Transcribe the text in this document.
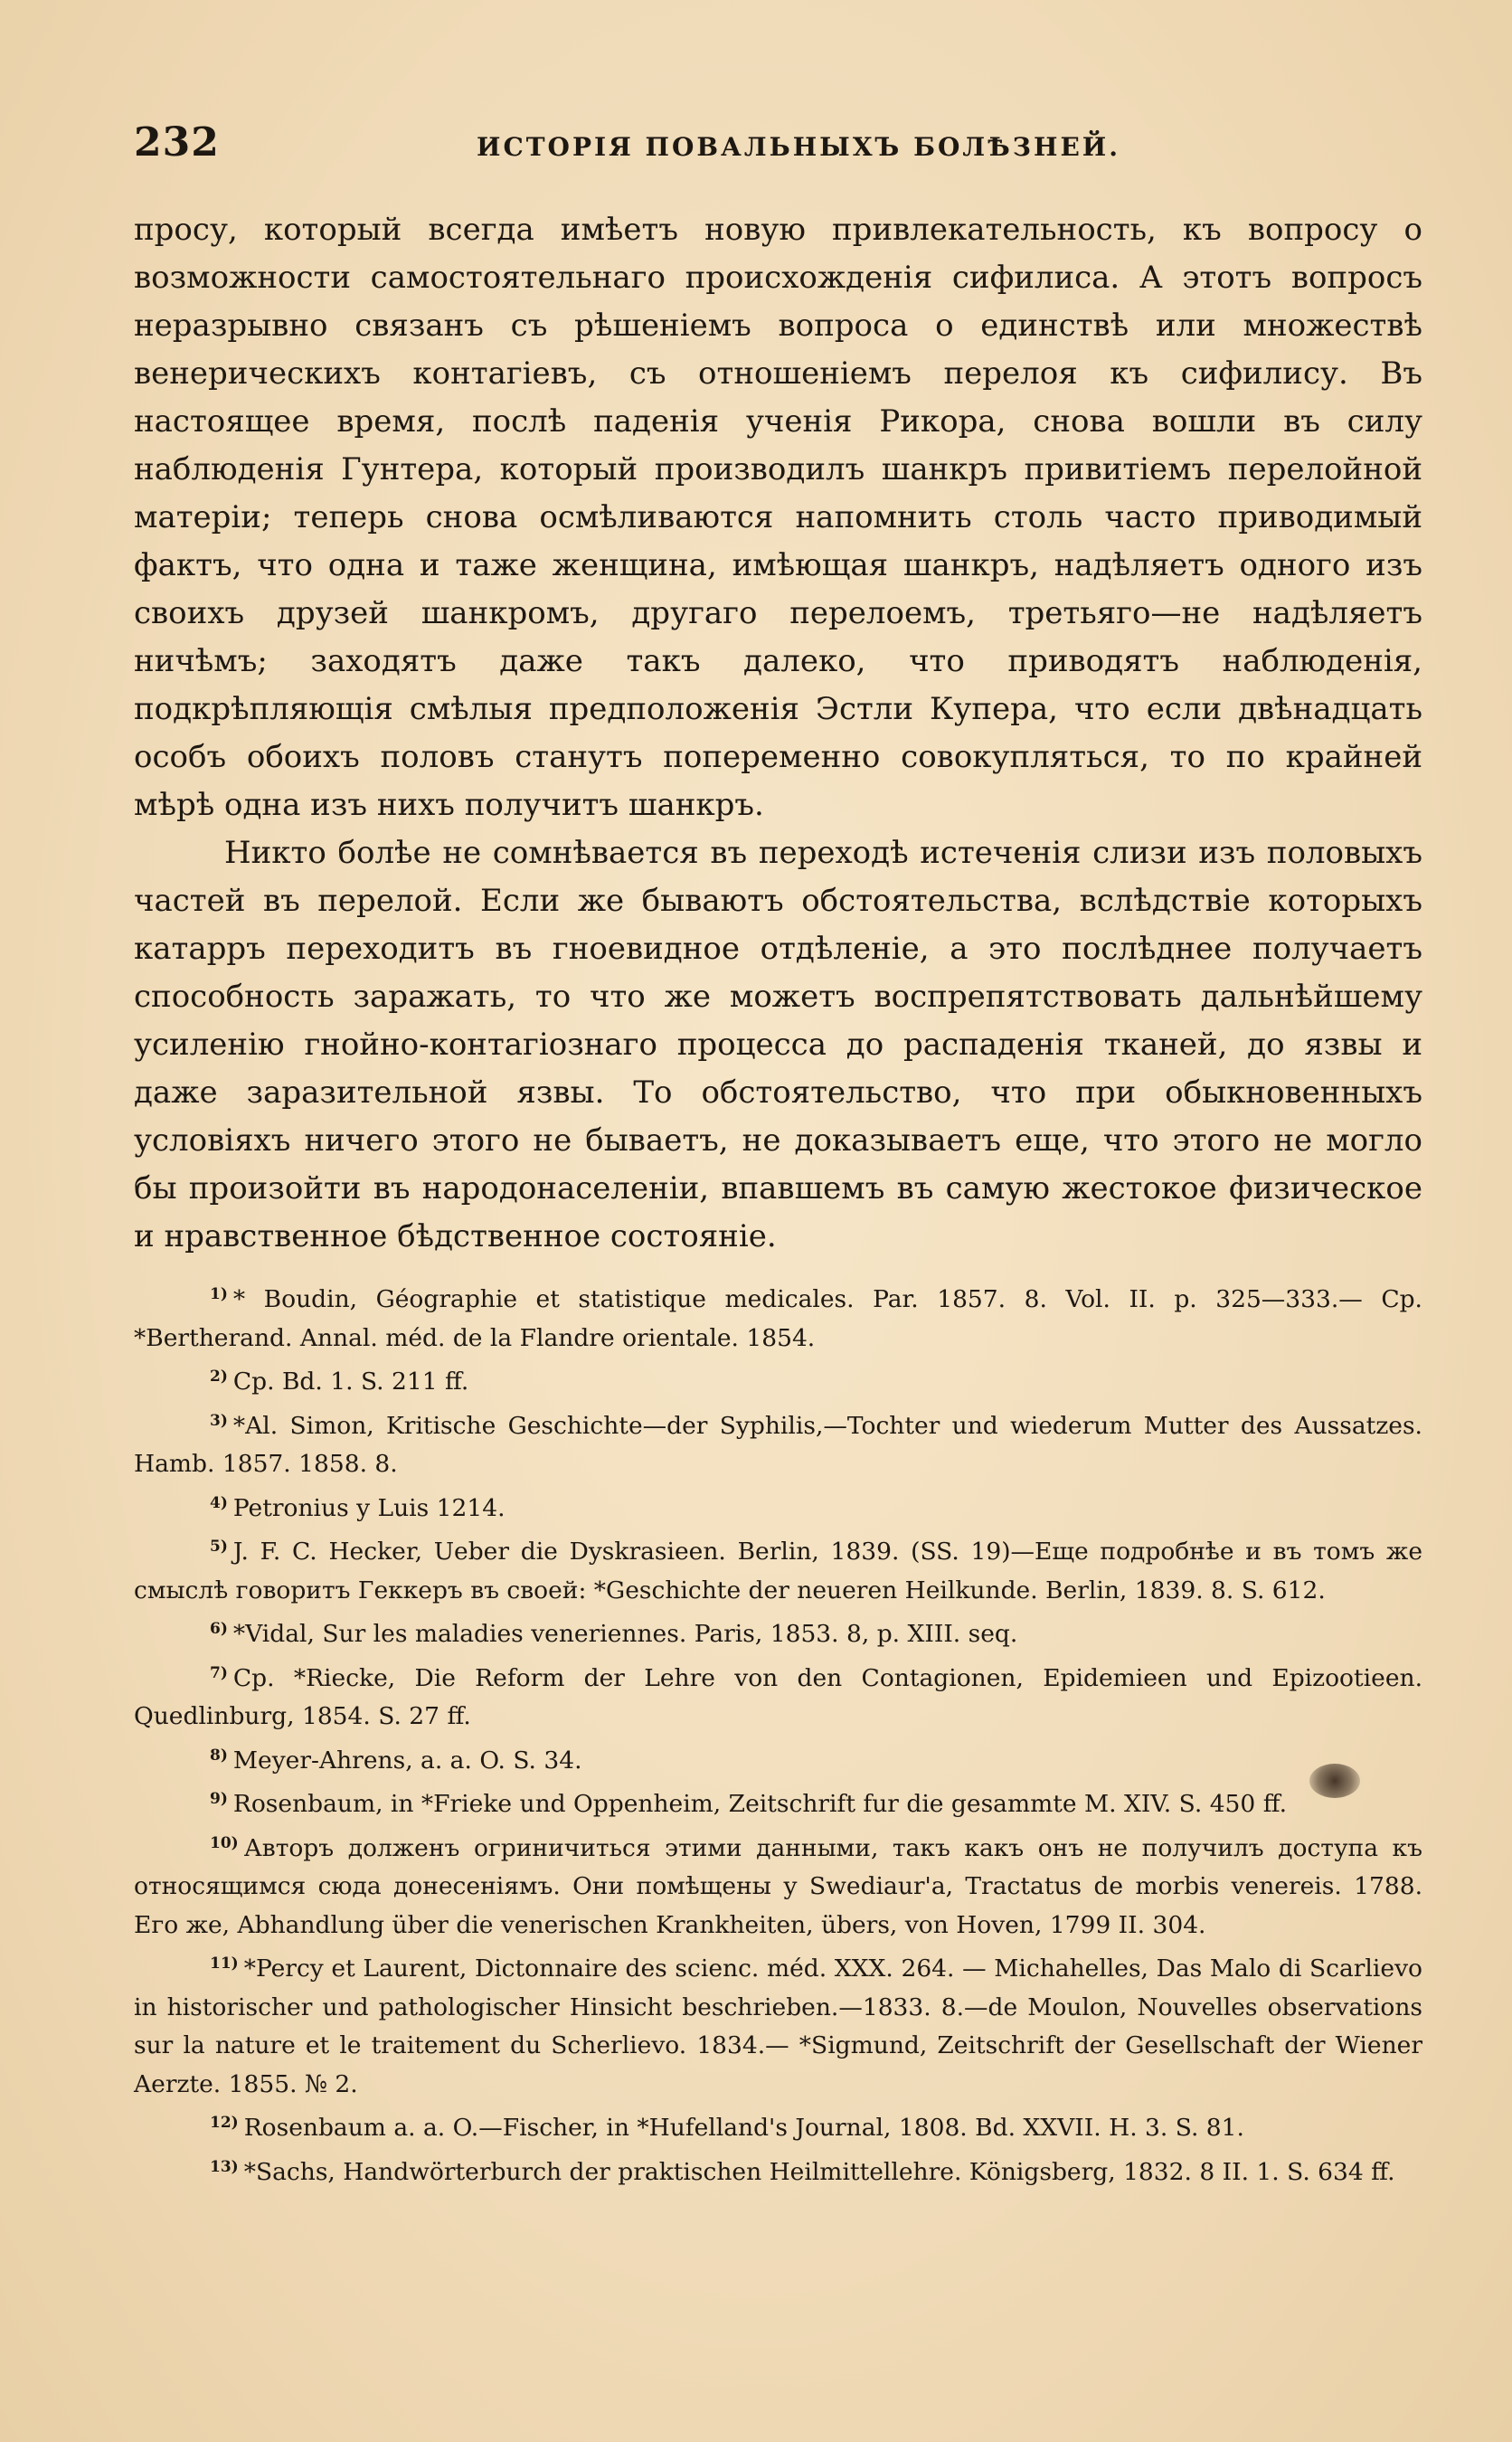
232	ИСТОРІЯ ПОВАЛЬНЫХЪ БОЛѢЗНЕЙ.

просу, который всегда имѣетъ новую привлекательность, къ вопросу о возможности самостоятельнаго происхожденія сифилиса. А этотъ вопросъ неразрывно связанъ съ рѣшеніемъ вопроса о единствѣ или множествѣ венерическихъ контагіевъ, съ отношеніемъ перелоя къ сифилису. Въ настоящее время, послѣ паденія ученія Рикора, снова вошли въ силу наблюденія Гунтера, который производилъ шанкръ привитіемъ перелойной матеріи; теперь снова осмѣливаются напомнить столь часто приводимый фактъ, что одна и таже женщина, имѣющая шанкръ, надѣляетъ одного изъ своихъ друзей шанкромъ, другаго перелоемъ, третьяго—не надѣляетъ ничѣмъ; заходятъ даже такъ далеко, что приводятъ наблюденія, подкрѣпляющія смѣлыя предположенія Эстли Купера, что если двѣнадцать особъ обоихъ половъ станутъ попеременно совокупляться, то по крайней мѣрѣ одна изъ нихъ получитъ шанкръ.

Никто болѣе не сомнѣвается въ переходѣ истеченія слизи изъ половыхъ частей въ перелой. Если же бываютъ обстоятельства, вслѣдствіе которыхъ катарръ переходитъ въ гноевидное отдѣленіе, а это послѣднее получаетъ способность заражать, то что же можетъ воспрепятствовать дальнѣйшему усиленію гнойно-контагіознаго процесса до распаденія тканей, до язвы и даже заразительной язвы. То обстоятельство, что при обыкновенныхъ условіяхъ ничего этого не бываетъ, не доказываетъ еще, что этого не могло бы произойти въ народонаселеніи, впавшемъ въ самую жестокое физическое и нравственное бѣдственное состояніе.

$^{1)}$ * Boudin, Géographie et statistique medicales. Par. 1857. 8. Vol. II. p. 325—333.— Cp. *Bertherand. Annal. méd. de la Flandre orientale. 1854.

$^{2)}$ Ср. Bd. 1. S. 211 ff.

$^{3)}$ *Al. Simon, Kritische Geschichte—der Syphilis,—Tochter und wiederum Mutter des Aussatzes. Hamb. 1857. 1858. 8.

$^{4)}$ Petronius y Luis 1214.

$^{5)}$ J. F. C. Hecker, Ueber die Dyskrasieen. Berlin, 1839. (SS. 19)—Еще подробнѣе и въ томъ же смыслѣ говоритъ Геккеръ въ своей: *Geschichte der neueren Heilkunde. Berlin, 1839. 8. S. 612.

$^{6)}$ *Vidal, Sur les maladies veneriennes. Paris, 1853. 8, p. XIII. seq.

$^{7)}$ Ср. *Riecke, Die Reform der Lehre von den Contagionen, Epidemieen und Epizootieen. Quedlinburg, 1854. S. 27 ff.

$^{8)}$ Meyer-Ahrens, a. a. O. S. 34.

$^{9)}$ Rosenbaum, in *Frieke und Oppenheim, Zeitschrift fur die gesammte M. XIV. S. 450 ff.

$^{10)}$ Авторъ долженъ огриничиться этими данными, такъ какъ онъ не получилъ доступа къ относящимся сюда донесеніямъ. Они помѣщены у Swediaur'a, Tractatus de morbis venereis. 1788. Его же, Abhandlung über die venerischen Krankheiten, übers, von Hoven, 1799 II. 304.

$^{11)}$ *Percy et Laurent, Dictonnaire des scienc. méd. XXX. 264. — Michahelles, Das Malo di Scarlievo in historischer und pathologischer Hinsicht beschrieben.—1833. 8.—de Moulon, Nouvelles observations sur la nature et le traitement du Scherlievo. 1834.— *Sigmund, Zeitschrift der Gesellschaft der Wiener Aerzte. 1855. № 2.

$^{12)}$ Rosenbaum a. a. O.—Fischer, in *Hufelland's Journal, 1808. Bd. XXVII. H. 3. S. 81.

$^{13)}$ *Sachs, Handwörterburch der praktischen Heilmittellehre. Königsberg, 1832. 8 II. 1. S. 634 ff.
